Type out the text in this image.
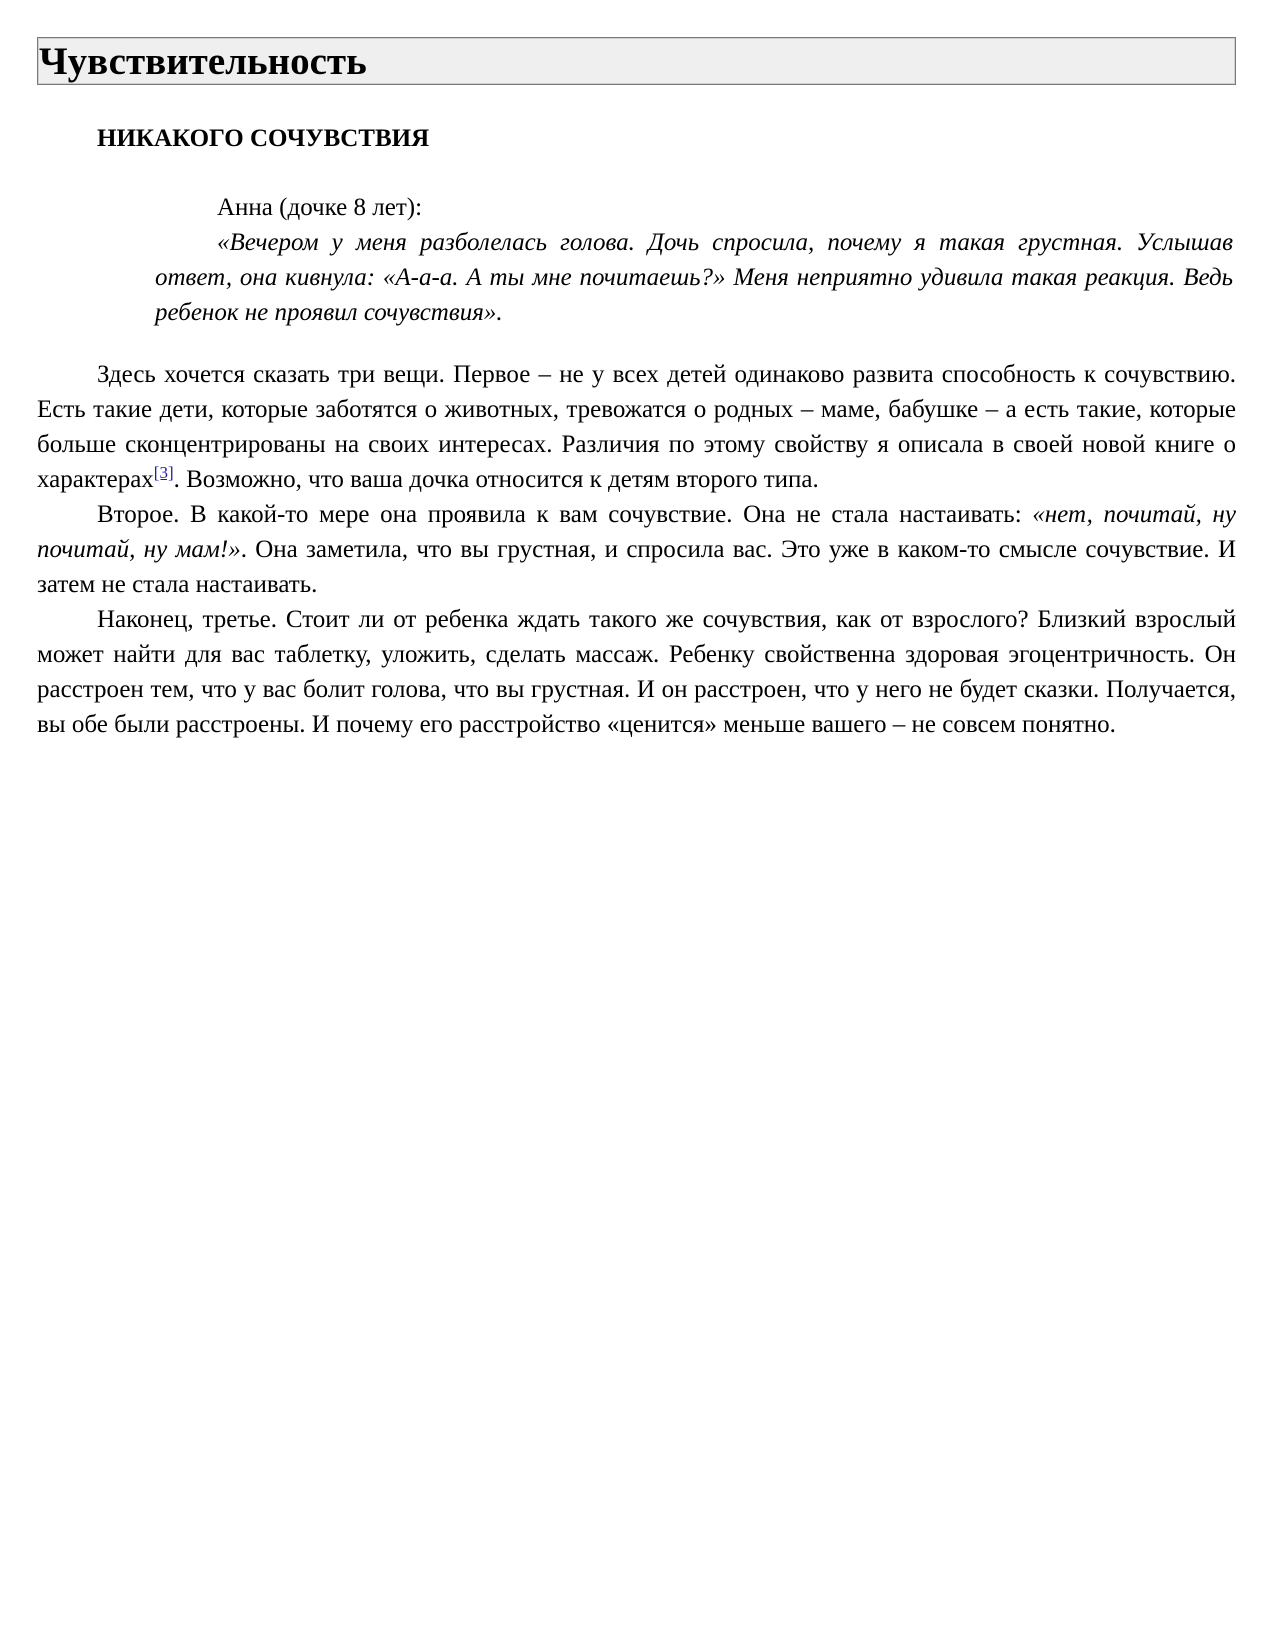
Чувствительность
НИКАКОГО СОЧУВСТВИЯ

Анна (дочке 8 лет):

«Вечером у меня разболелась голова. Дочь спросила, почему я такая грустная. Услышав ответ, она кивнула: «А-а-а. А ты мне почитаешь?» Меня неприятно удивила такая реакция. Ведь ребенок не проявил сочувствия».

Здесь хочется сказать три вещи. Первое – не у всех детей одинаково развита способность к сочувствию. Есть такие дети, которые заботятся о животных, тревожатся о родных – маме, бабушке – а есть такие, которые больше сконцентрированы на своих интересах. Различия по этому свойству я описала в своей новой книге о характерах[3]. Возможно, что ваша дочка относится к детям второго типа.

Второе. В какой-то мере она проявила к вам сочувствие. Она не стала настаивать: «нет, почитай, ну почитай, ну мам!». Она заметила, что вы грустная, и спросила вас. Это уже в каком-то смысле сочувствие. И затем не стала настаивать.

Наконец, третье. Стоит ли от ребенка ждать такого же сочувствия, как от взрослого? Близкий взрослый может найти для вас таблетку, уложить, сделать массаж. Ребенку свойственна здоровая эгоцентричность. Он расстроен тем, что у вас болит голова, что вы грустная. И он расстроен, что у него не будет сказки. Получается, вы обе были расстроены. И почему его расстройство «ценится» меньше вашего – не совсем понятно.
